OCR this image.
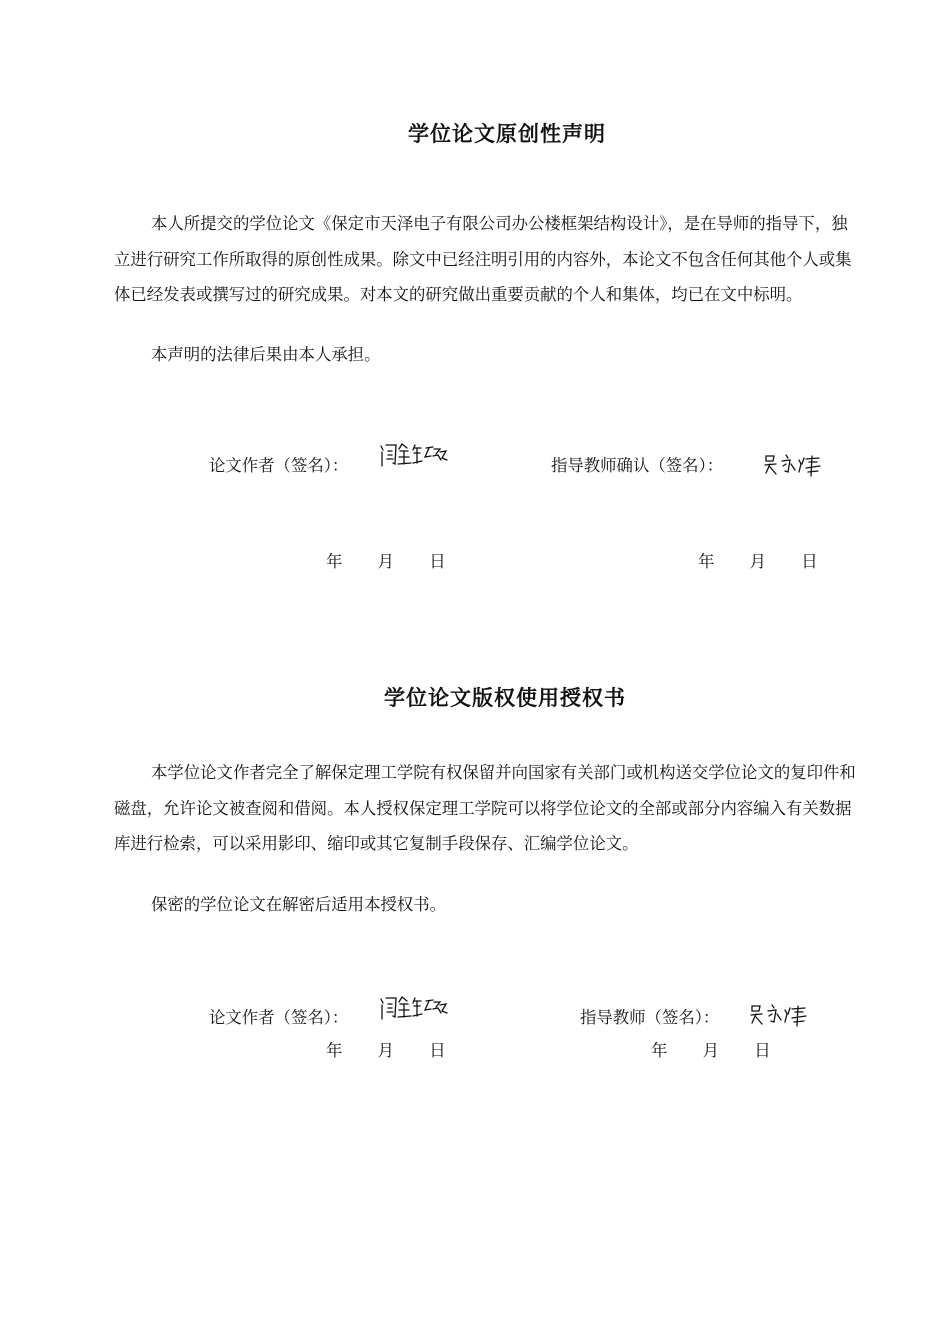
学位论文原创性声明

本人所提交的学位论文《保定市天泽电子有限公司办公楼框架结构设计》，是在导师的指导下，独立进行研究工作所取得的原创性成果。除文中已经注明引用的内容外，本论文不包含任何其他个人或集体已经发表或撰写过的研究成果。对本文的研究做出重要贡献的个人和集体，均已在文中标明。

本声明的法律后果由本人承担。

论文作者（签名）：	指导教师确认（签名）：
年 月 日	年 月 日
学位论文版权使用授权书

本学位论文作者完全了解保定理工学院有权保留并向国家有关部门或机构送交学位论文的复印件和磁盘，允许论文被查阅和借阅。本人授权保定理工学院可以将学位论文的全部或部分内容编入有关数据库进行检索，可以采用影印、缩印或其它复制手段保存、汇编学位论文。

保密的学位论文在解密后适用本授权书。

论文作者（签名）：	指导教师（签名）：
年 月 日	年 月 日
